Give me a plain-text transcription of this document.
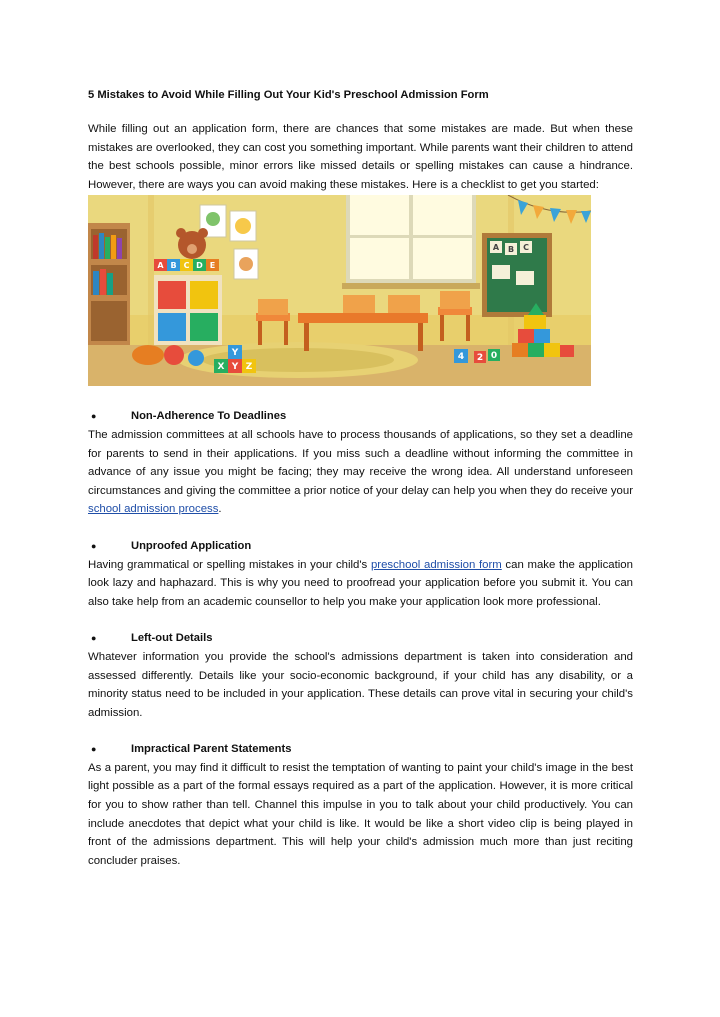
5 Mistakes to Avoid While Filling Out Your Kid's Preschool Admission Form

While filling out an application form, there are chances that some mistakes are made. But when these mistakes are overlooked, they can cost you something important. While parents want their children to attend the best schools possible, minor errors like missed details or spelling mistakes can cause a hindrance. However, there are ways you can avoid making these mistakes. Here is a checklist to get you started:

A B C D E
A B C
Y
Y Z
X
4 2 0
●	Non-Adherence To Deadlines

The admission committees at all schools have to process thousands of applications, so they set a deadline for parents to send in their applications. If you miss such a deadline without informing the committee in advance of any issue you might be facing; they may receive the wrong idea. All understand unforeseen circumstances and giving the committee a prior notice of your delay can help you when they do receive your school admission process.

●	Unproofed Application

Having grammatical or spelling mistakes in your child's preschool admission form can make the application look lazy and haphazard. This is why you need to proofread your application before you submit it. You can also take help from an academic counsellor to help you make your application look more professional.

●	Left-out Details

Whatever information you provide the school's admissions department is taken into consideration and assessed differently. Details like your socio-economic background, if your child has any disability, or a minority status need to be included in your application. These details can prove vital in securing your child's admission.

●	Impractical Parent Statements

As a parent, you may find it difficult to resist the temptation of wanting to paint your child's image in the best light possible as a part of the formal essays required as a part of the application. However, it is more critical for you to show rather than tell. Channel this impulse in you to talk about your child productively. You can include anecdotes that depict what your child is like. It would be like a short video clip is being played in front of the admissions department. This will help your child's admission much more than just reciting concluder praises.
